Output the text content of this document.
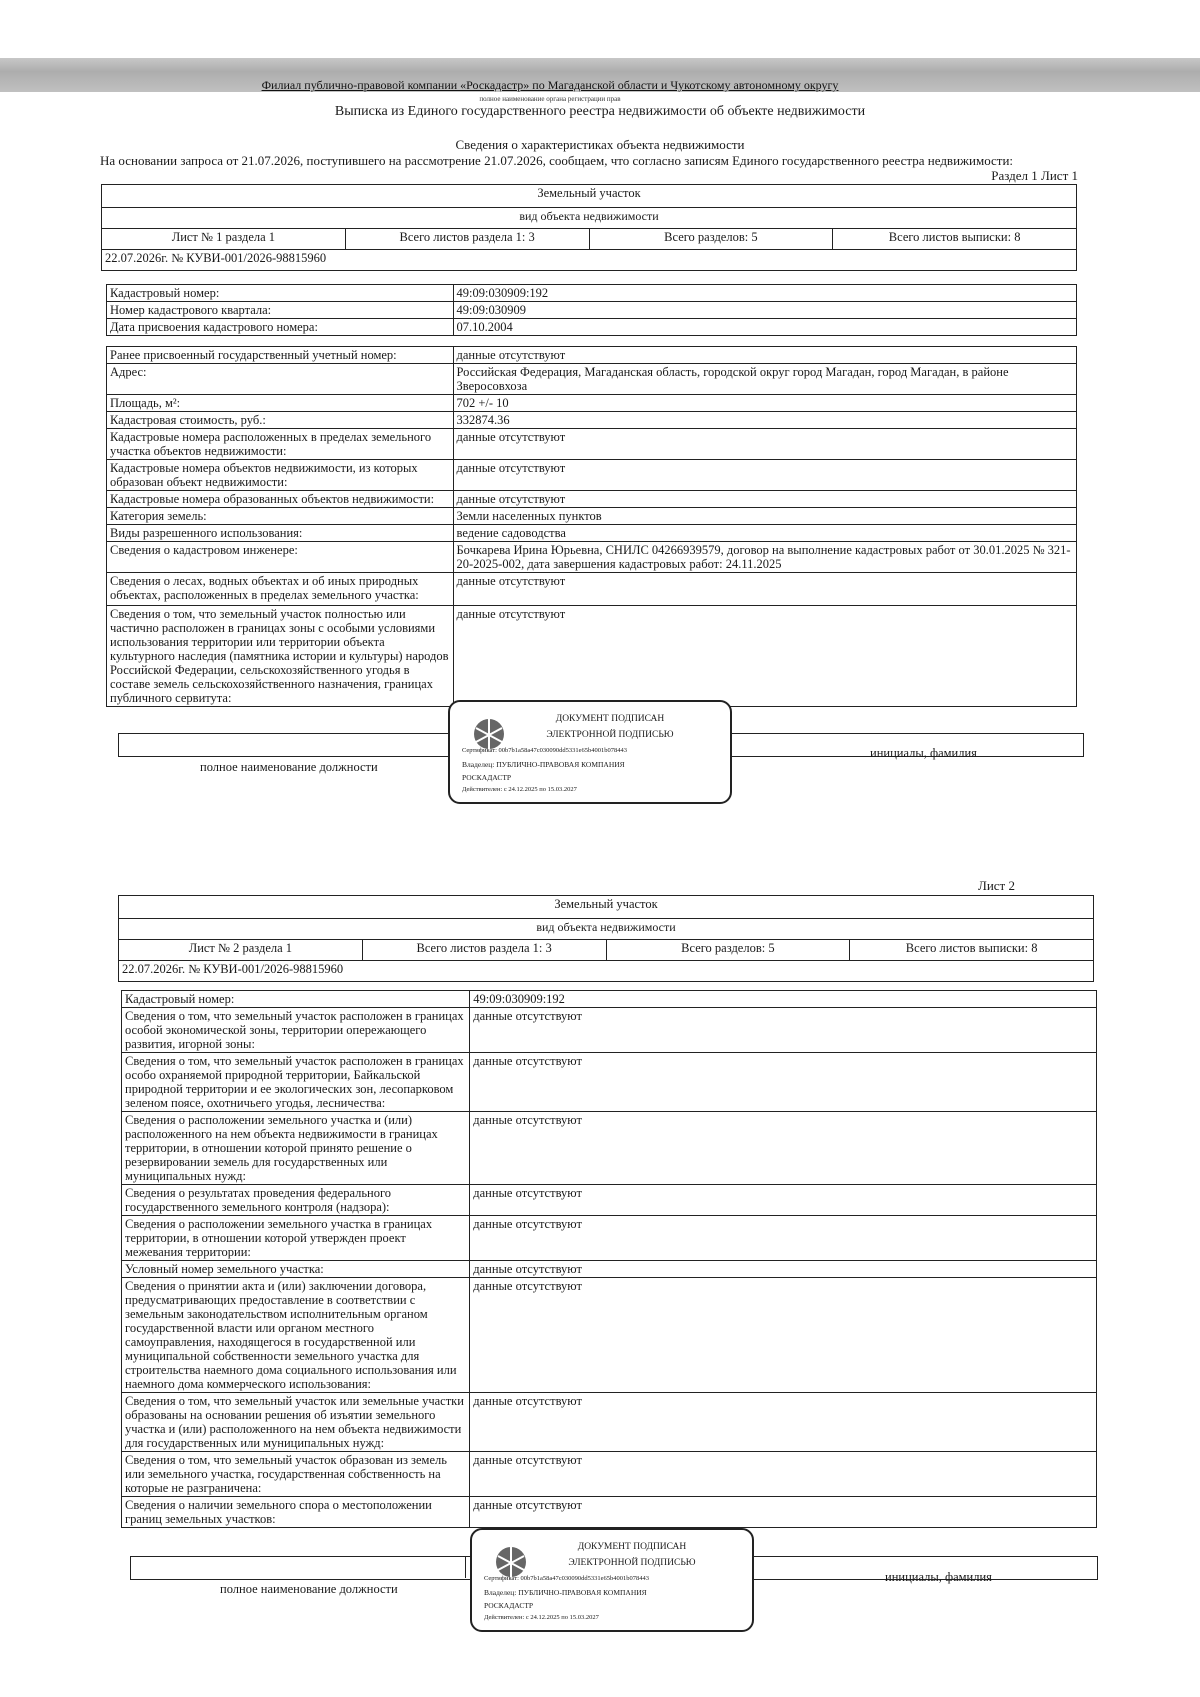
Филиал публично-правовой компании «Роскадастр» по Магаданской области и Чукотскому автономному округу
полное наименование органа регистрации прав
Выписка из Единого государственного реестра недвижимости об объекте недвижимости
Сведения о характеристиках объекта недвижимости
На основании запроса от 21.07.2026, поступившего на рассмотрение 21.07.2026, сообщаем, что согласно записям Единого государственного реестра недвижимости:
Раздел 1 Лист 1
Земельный участок
вид объекта недвижимости
Лист № 1 раздела 1	Всего листов раздела 1: 3	Всего разделов: 5	Всего листов выписки: 8
22.07.2026г. № КУВИ-001/2026-98815960
Кадастровый номер:	49:09:030909:192
Номер кадастрового квартала:	49:09:030909
Дата присвоения кадастрового номера:	07.10.2004
Ранее присвоенный государственный учетный номер:	данные отсутствуют
Адрес:	Российская Федерация, Магаданская область, городской округ город Магадан, город Магадан, в районе Зверосовхоза
Площадь, м²:	702 +/- 10
Кадастровая стоимость, руб.:	332874.36
Кадастровые номера расположенных в пределах земельного участка объектов недвижимости:	данные отсутствуют
Кадастровые номера объектов недвижимости, из которых образован объект недвижимости:	данные отсутствуют
Кадастровые номера образованных объектов недвижимости:	данные отсутствуют
Категория земель:	Земли населенных пунктов
Виды разрешенного использования:	ведение садоводства
Сведения о кадастровом инженере:	Бочкарева Ирина Юрьевна, СНИЛС 04266939579, договор на выполнение кадастровых работ от 30.01.2025 № 321-20-2025-002, дата завершения кадастровых работ: 24.11.2025
Сведения о лесах, водных объектах и об иных природных объектах, расположенных в пределах земельного участка:	данные отсутствуют
Сведения о том, что земельный участок полностью или частично расположен в границах зоны с особыми условиями использования территории или территории объекта культурного наследия (памятника истории и культуры) народов Российской Федерации, сельскохозяйственного угодья в составе земель сельскохозяйственного назначения, границах публичного сервитута:	данные отсутствуют
полное наименование должности
инициалы, фамилия
ДОКУМЕНТ ПОДПИСАН
ЭЛЕКТРОННОЙ ПОДПИСЬЮ
Сертификат: 00b7b1a58a47c030090dd5331e65b4001b078443
Владелец: ПУБЛИЧНО-ПРАВОВАЯ КОМПАНИЯ
РОСКАДАСТР
Действителен: с 24.12.2025 по 15.03.2027
Лист 2
Земельный участок
вид объекта недвижимости
Лист № 2 раздела 1	Всего листов раздела 1: 3	Всего разделов: 5	Всего листов выписки: 8
22.07.2026г. № КУВИ-001/2026-98815960
Кадастровый номер:	49:09:030909:192
Сведения о том, что земельный участок расположен в границах особой экономической зоны, территории опережающего развития, игорной зоны:	данные отсутствуют
Сведения о том, что земельный участок расположен в границах особо охраняемой природной территории, Байкальской природной территории и ее экологических зон, лесопарковом зеленом поясе, охотничьего угодья, лесничества:	данные отсутствуют
Сведения о расположении земельного участка и (или) расположенного на нем объекта недвижимости в границах территории, в отношении которой принято решение о резервировании земель для государственных или муниципальных нужд:	данные отсутствуют
Сведения о результатах проведения федерального государственного земельного контроля (надзора):	данные отсутствуют
Сведения о расположении земельного участка в границах территории, в отношении которой утвержден проект межевания территории:	данные отсутствуют
Условный номер земельного участка:	данные отсутствуют
Сведения о принятии акта и (или) заключении договора, предусматривающих предоставление в соответствии с земельным законодательством исполнительным органом государственной власти или органом местного самоуправления, находящегося в государственной или муниципальной собственности земельного участка для строительства наемного дома социального использования или наемного дома коммерческого использования:	данные отсутствуют
Сведения о том, что земельный участок или земельные участки образованы на основании решения об изъятии земельного участка и (или) расположенного на нем объекта недвижимости для государственных или муниципальных нужд:	данные отсутствуют
Сведения о том, что земельный участок образован из земель или земельного участка, государственная собственность на которые не разграничена:	данные отсутствуют
Сведения о наличии земельного спора о местоположении границ земельных участков:	данные отсутствуют
полное наименование должности
инициалы, фамилия
ДОКУМЕНТ ПОДПИСАН
ЭЛЕКТРОННОЙ ПОДПИСЬЮ
Сертификат: 00b7b1a58a47c030090dd5331e65b4001b078443
Владелец: ПУБЛИЧНО-ПРАВОВАЯ КОМПАНИЯ
РОСКАДАСТР
Действителен: с 24.12.2025 по 15.03.2027
